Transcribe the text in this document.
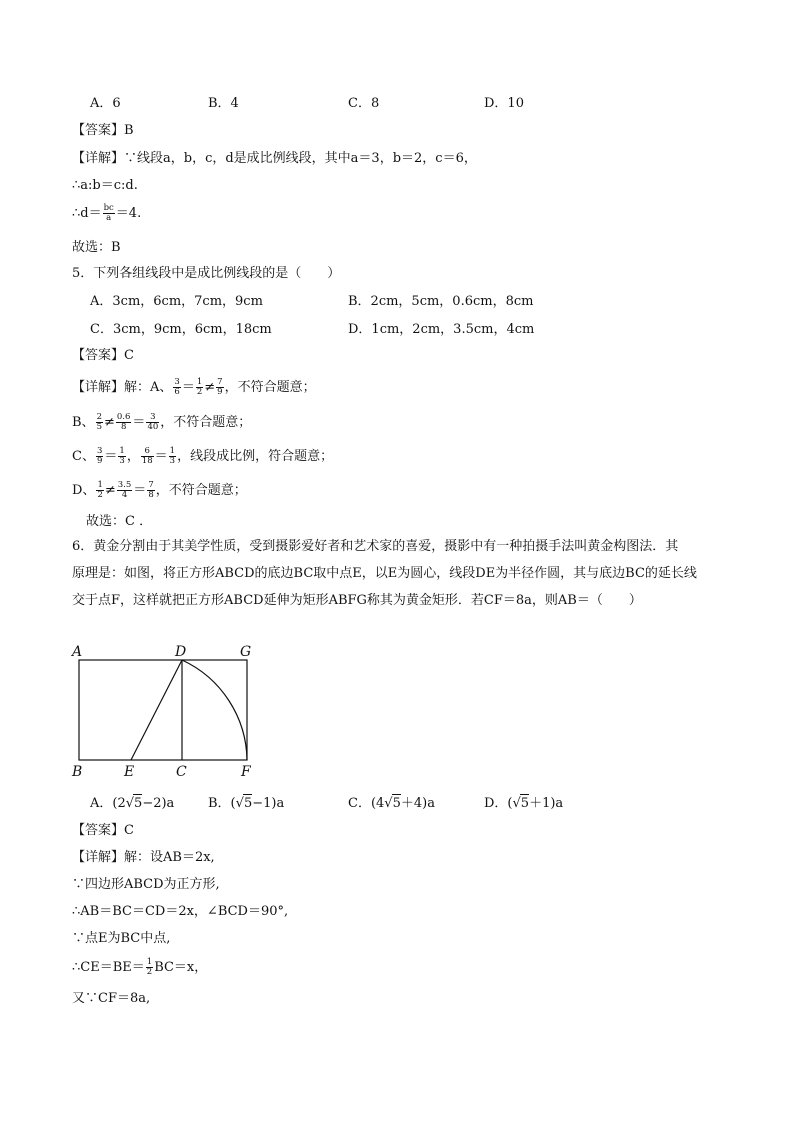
A．6	B．4	C．8	D．10
【答案】B
【详解】∵线段a，b，c，d是成比例线段，其中a＝3，b＝2，c＝6，
∴a:b＝c:d.
∴d＝ $\frac{bc}{a} =4$.
故选：B
5．下列各组线段中是成比例线段的是（　　）
A．3cm，6cm，7cm，9cm	B．2cm，5cm，0.6cm，8cm
C．3cm，9cm，6cm，18cm	D．1cm，2cm，3.5cm，4cm
【答案】C
【详解】解：A、 $\frac{3}{6} = \frac{1}{2} \ne \frac{7}{9}$ ，不符合题意；
B、 $\frac{2}{5} \ne \frac{0.6}{8} = \frac{3}{40}$ ，不符合题意；
C、 $\frac{3}{9} = \frac{1}{3}$ ， $\frac{6}{18} = \frac{1}{3}$ ，线段成比例，符合题意；
D、 $\frac{1}{2} \ne \frac{3.5}{4} = \frac{7}{8}$ ，不符合题意；
故选：C ．
6．黄金分割由于其美学性质，受到摄影爱好者和艺术家的喜爱，摄影中有一种拍摄手法叫黄金构图法．其
原理是：如图，将正方形ABCD的底边BC取中点E，以E为圆心，线段DE为半径作圆，其与底边BC的延长线
交于点F，这样就把正方形ABCD延伸为矩形ABFG称其为黄金矩形．若CF＝8a，则AB＝（　　）
A	D	G
B	E	C	F
A．(2√5−2)a	B．(√5−1)a	C．(4√5＋4)a	D．(√5＋1)a
【答案】C
【详解】解：设AB＝2x,
∵四边形ABCD为正方形,
∴AB＝BC＝CD＝2x，∠BCD＝90°,
∵点E为BC中点,
∴CE＝BE＝ $\frac{1}{2} BC=x$，
又∵CF＝8a,
